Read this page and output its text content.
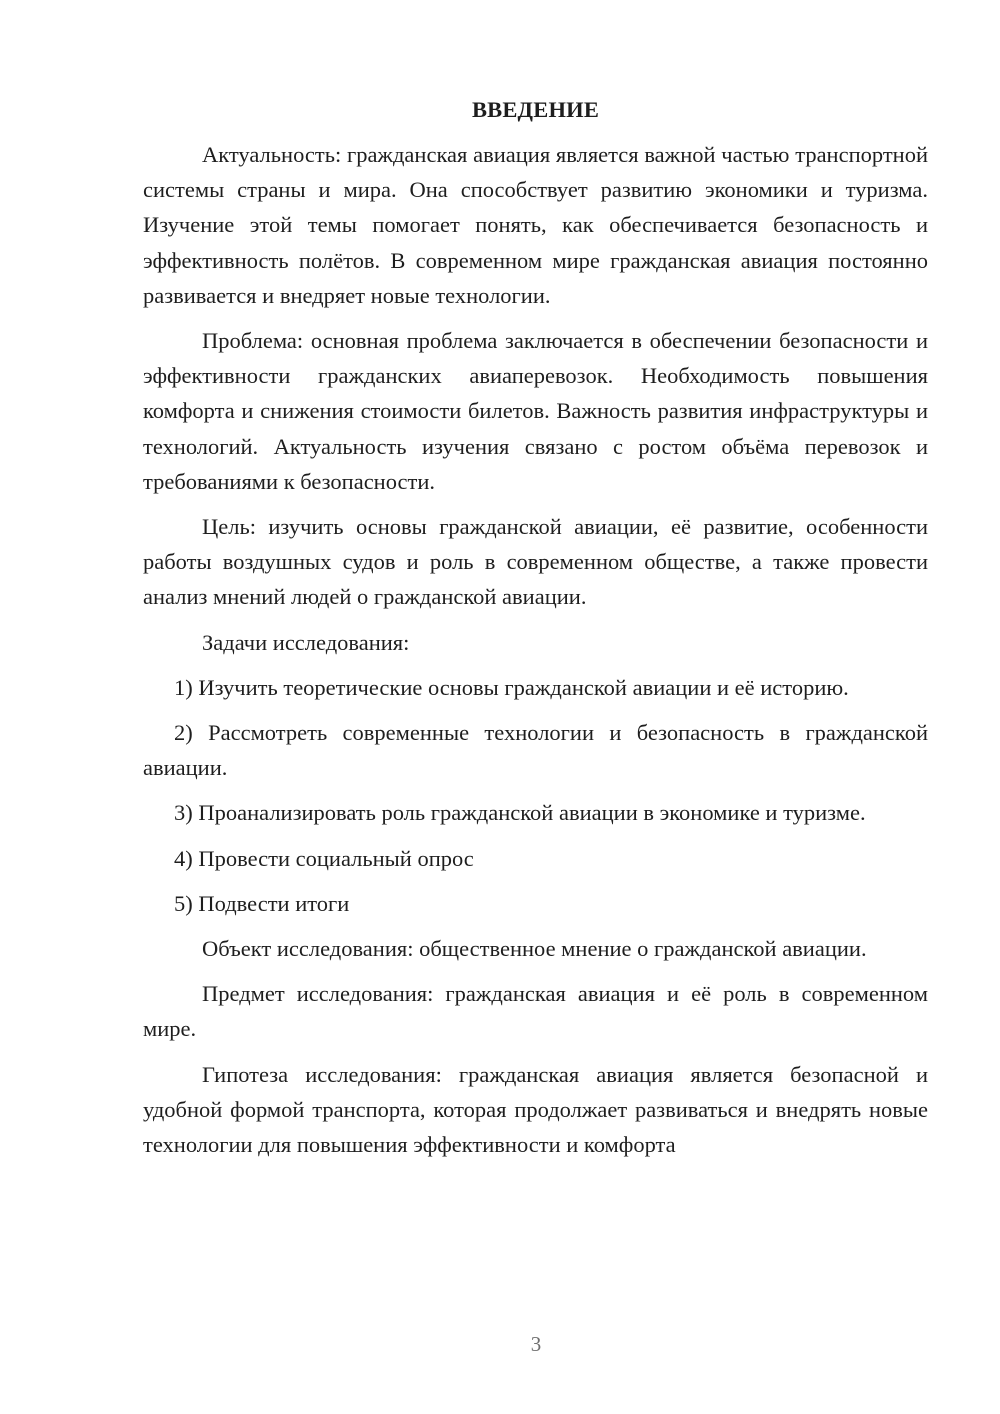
ВВЕДЕНИЕ

Актуальность: гражданская авиация является важной частью транспортной системы страны и мира. Она способствует развитию экономики и туризма. Изучение этой темы помогает понять, как обеспечивается безопасность и эффективность полётов. В современном мире гражданская авиация постоянно развивается и внедряет новые технологии.

Проблема: основная проблема заключается в обеспечении безопасности и эффективности гражданских авиаперевозок. Необходимость повышения комфорта и снижения стоимости билетов. Важность развития инфраструктуры и технологий. Актуальность изучения связано с ростом объёма перевозок и требованиями к безопасности.

Цель: изучить основы гражданской авиации, её развитие, особенности работы воздушных судов и роль в современном обществе, а также провести анализ мнений людей о гражданской авиации.

Задачи исследования:

1) Изучить теоретические основы гражданской авиации и её историю.

2) Рассмотреть современные технологии и безопасность в гражданской авиации.

3) Проанализировать роль гражданской авиации в экономике и туризме.

4) Провести социальный опрос

5) Подвести итоги

Объект исследования: общественное мнение о гражданской авиации.

Предмет исследования: гражданская авиация и её роль в современном мире.

Гипотеза исследования: гражданская авиация является безопасной и удобной формой транспорта, которая продолжает развиваться и внедрять новые технологии для повышения эффективности и комфорта

3
